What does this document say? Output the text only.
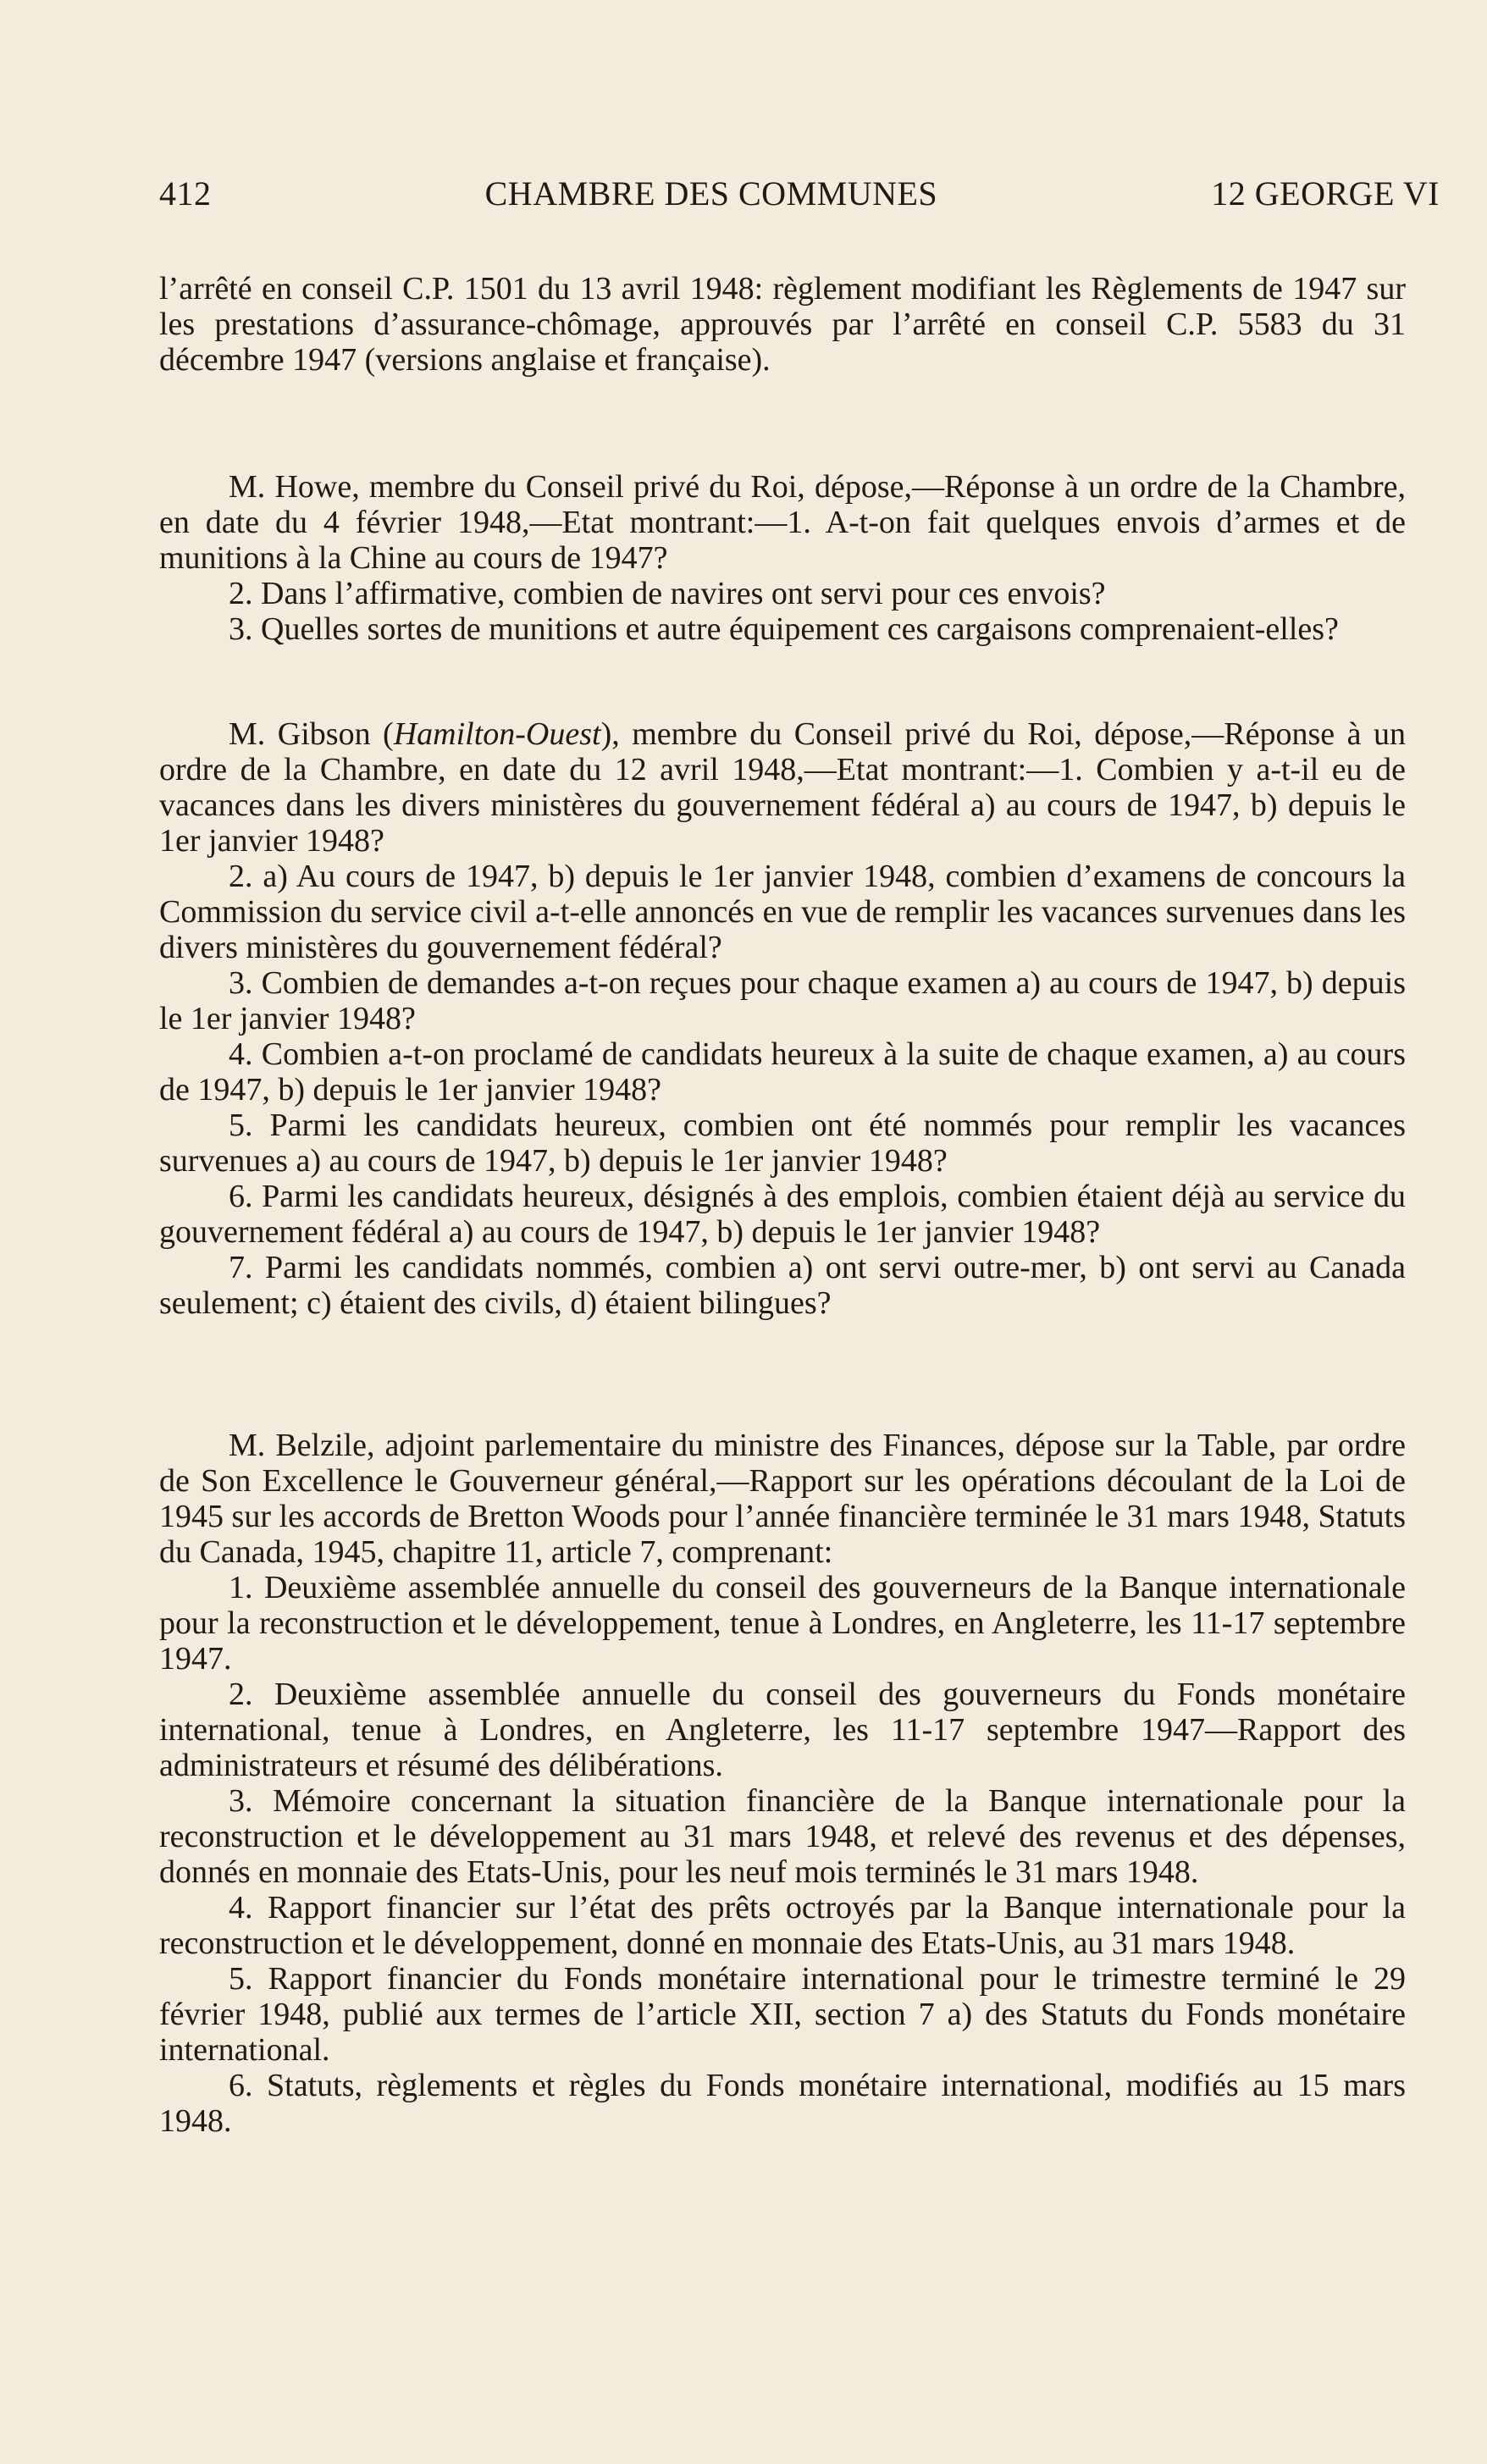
412	CHAMBRE DES COMMUNES	12 GEORGE VI

l’arrêté en conseil C.P. 1501 du 13 avril 1948: règlement modifiant les Règlements de 1947 sur les prestations d’assurance-chômage, approuvés par l’arrêté en conseil C.P. 5583 du 31 décembre 1947 (versions anglaise et française).

M. Howe, membre du Conseil privé du Roi, dépose,—Réponse à un ordre de la Chambre, en date du 4 février 1948,—Etat montrant:—1. A-t-on fait quelques envois d’armes et de munitions à la Chine au cours de 1947?

2. Dans l’affirmative, combien de navires ont servi pour ces envois?

3. Quelles sortes de munitions et autre équipement ces cargaisons comprenaient-elles?

M. Gibson (Hamilton-Ouest), membre du Conseil privé du Roi, dépose,—Réponse à un ordre de la Chambre, en date du 12 avril 1948,—Etat montrant:—1. Combien y a-t-il eu de vacances dans les divers ministères du gouvernement fédéral a) au cours de 1947, b) depuis le 1er janvier 1948?

2. a) Au cours de 1947, b) depuis le 1er janvier 1948, combien d’examens de concours la Commission du service civil a-t-elle annoncés en vue de remplir les vacances survenues dans les divers ministères du gouvernement fédéral?

3. Combien de demandes a-t-on reçues pour chaque examen a) au cours de 1947, b) depuis le 1er janvier 1948?

4. Combien a-t-on proclamé de candidats heureux à la suite de chaque examen, a) au cours de 1947, b) depuis le 1er janvier 1948?

5. Parmi les candidats heureux, combien ont été nommés pour remplir les vacances survenues a) au cours de 1947, b) depuis le 1er janvier 1948?

6. Parmi les candidats heureux, désignés à des emplois, combien étaient déjà au service du gouvernement fédéral a) au cours de 1947, b) depuis le 1er janvier 1948?

7. Parmi les candidats nommés, combien a) ont servi outre-mer, b) ont servi au Canada seulement; c) étaient des civils, d) étaient bilingues?

M. Belzile, adjoint parlementaire du ministre des Finances, dépose sur la Table, par ordre de Son Excellence le Gouverneur général,—Rapport sur les opérations découlant de la Loi de 1945 sur les accords de Bretton Woods pour l’année financière terminée le 31 mars 1948, Statuts du Canada, 1945, chapitre 11, article 7, comprenant:

1. Deuxième assemblée annuelle du conseil des gouverneurs de la Banque internationale pour la reconstruction et le développement, tenue à Londres, en Angleterre, les 11-17 septembre 1947.

2. Deuxième assemblée annuelle du conseil des gouverneurs du Fonds monétaire international, tenue à Londres, en Angleterre, les 11-17 septembre 1947—Rapport des administrateurs et résumé des délibérations.

3. Mémoire concernant la situation financière de la Banque internationale pour la reconstruction et le développement au 31 mars 1948, et relevé des revenus et des dépenses, donnés en monnaie des Etats-Unis, pour les neuf mois terminés le 31 mars 1948.

4. Rapport financier sur l’état des prêts octroyés par la Banque internationale pour la reconstruction et le développement, donné en monnaie des Etats-Unis, au 31 mars 1948.

5. Rapport financier du Fonds monétaire international pour le trimestre terminé le 29 février 1948, publié aux termes de l’article XII, section 7 a) des Statuts du Fonds monétaire international.

6. Statuts, règlements et règles du Fonds monétaire international, modifiés au 15 mars 1948.
